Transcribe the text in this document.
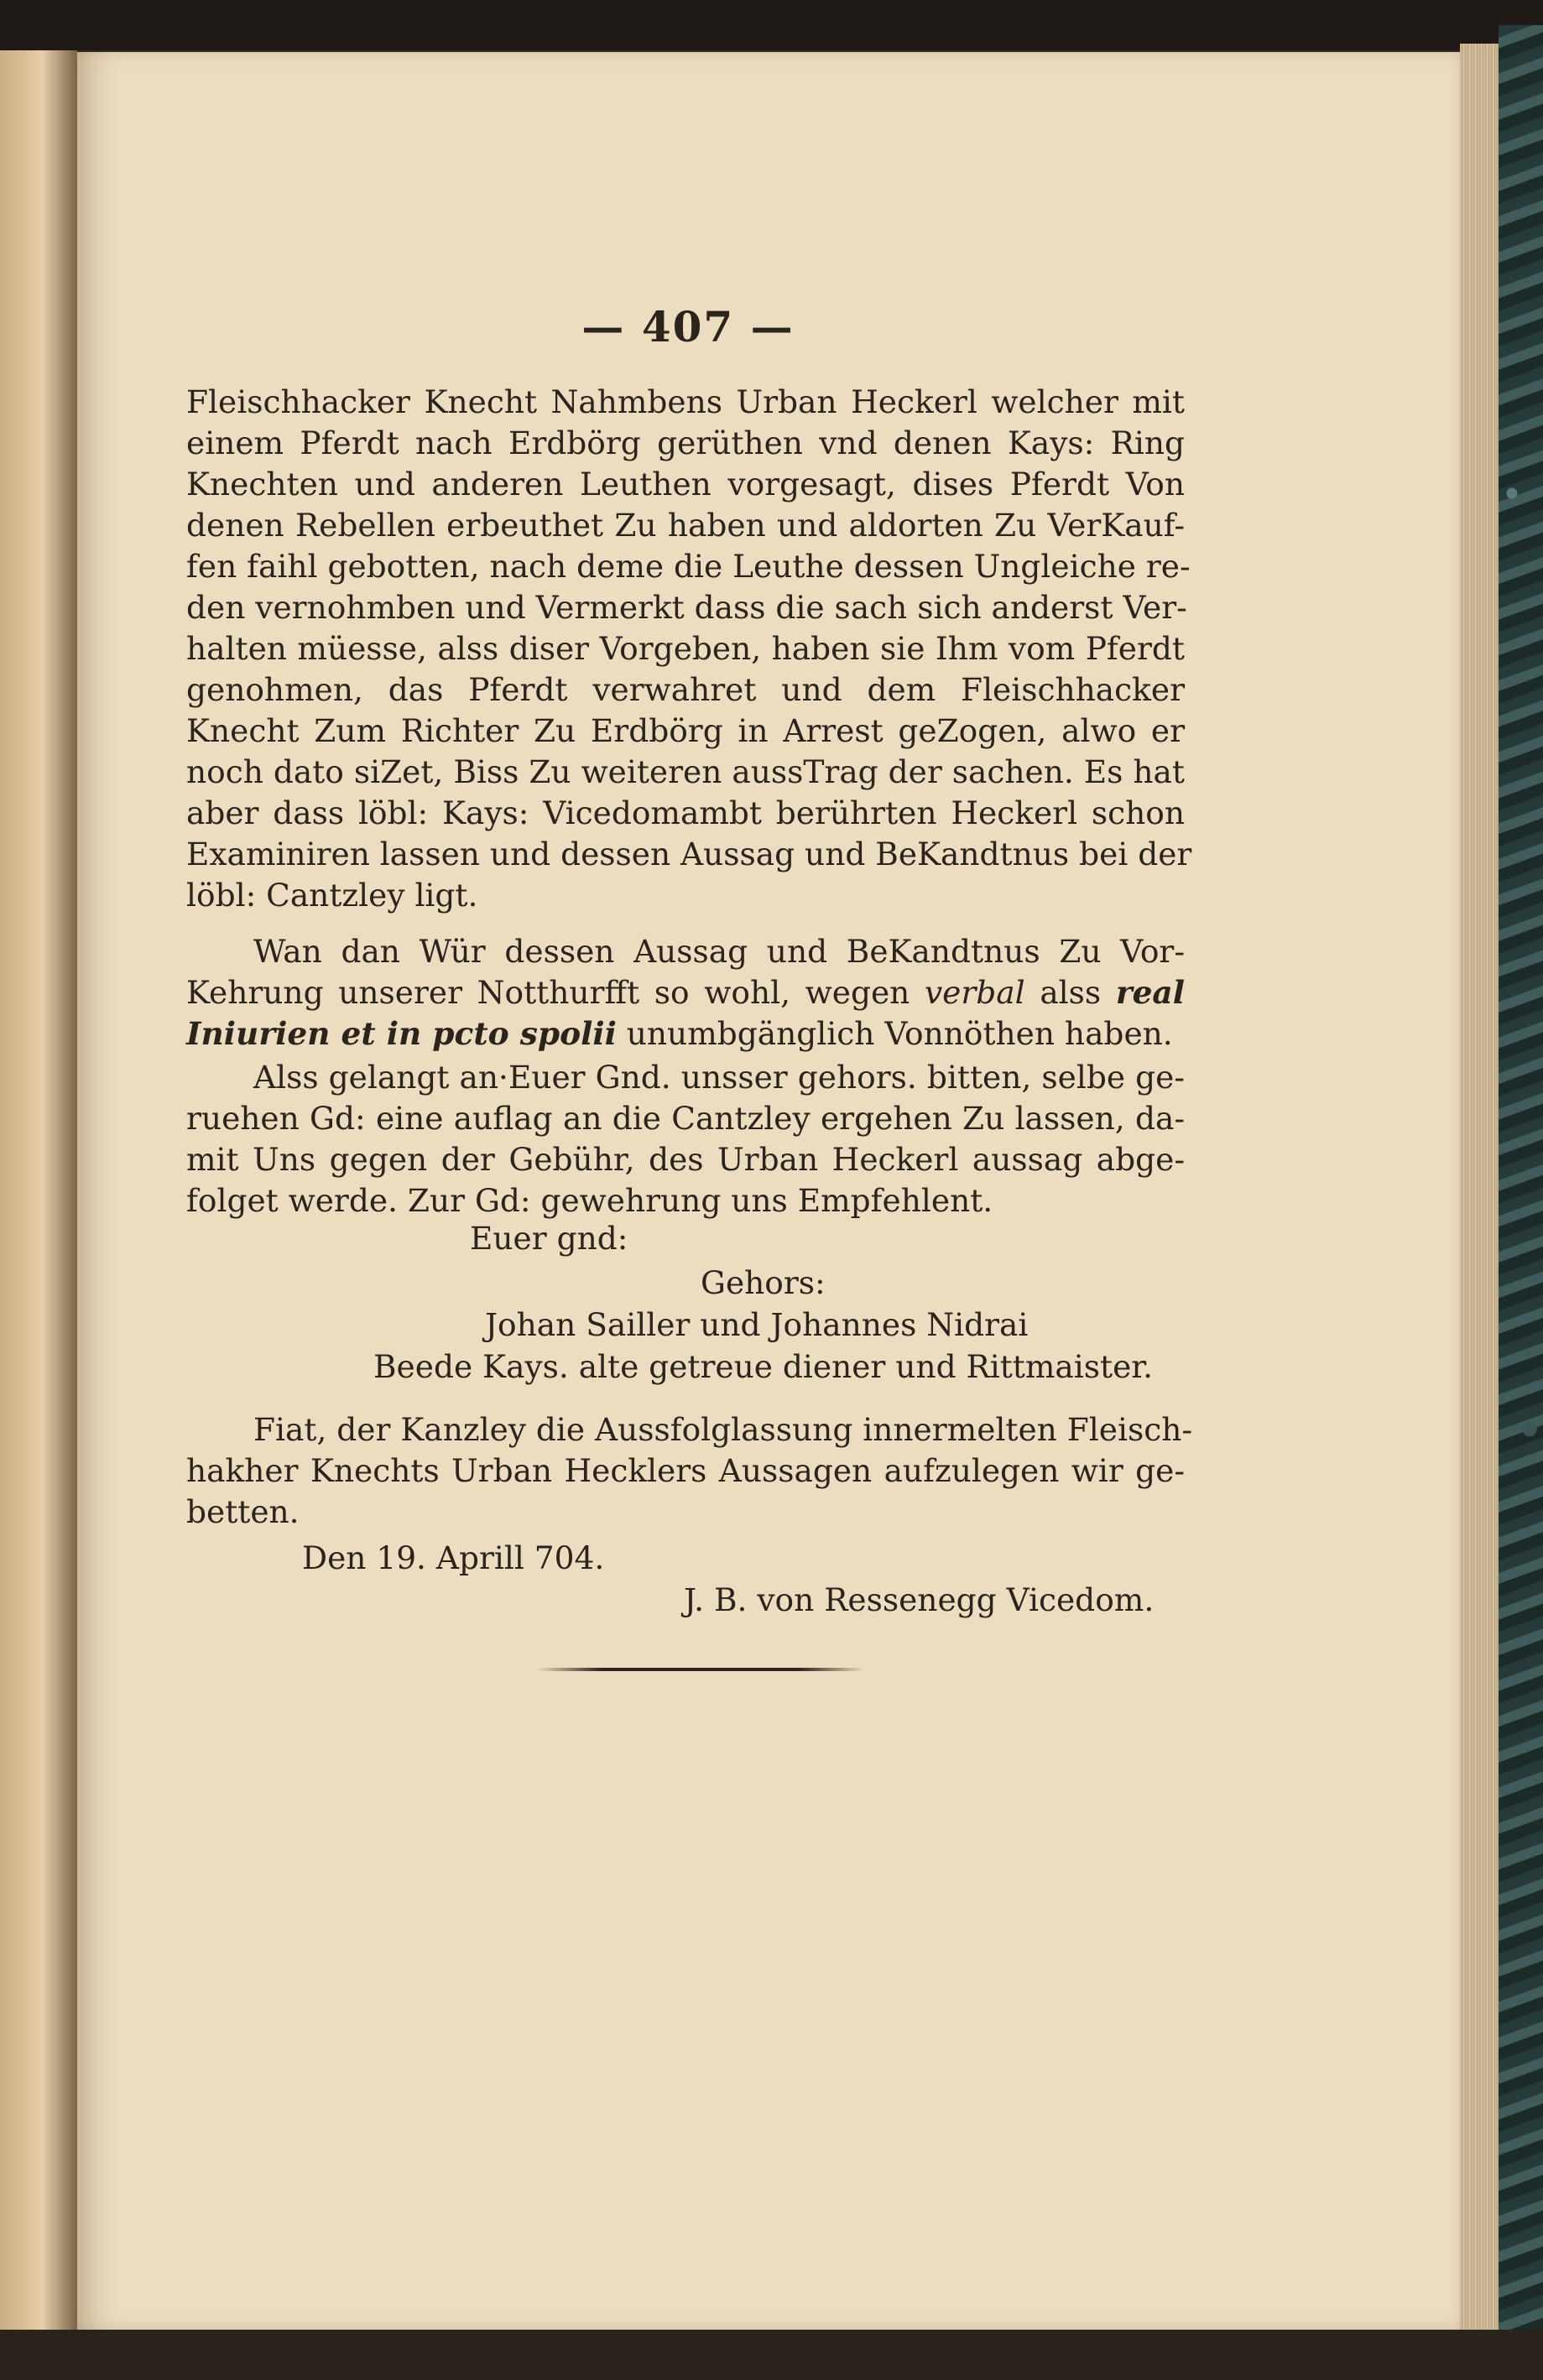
— 407 —
Fleischhacker Knecht Nahmbens Urban Heckerl welcher mit
einem Pferdt nach Erdbörg gerüthen vnd denen Kays: Ring
Knechten und anderen Leuthen vorgesagt, dises Pferdt Von
denen Rebellen erbeuthet Zu haben und aldorten Zu VerKauf-
fen faihl gebotten, nach deme die Leuthe dessen Ungleiche re-
den vernohmben und Vermerkt dass die sach sich anderst Ver-
halten müesse, alss diser Vorgeben, haben sie Ihm vom Pferdt
genohmen, das Pferdt verwahret und dem Fleischhacker
Knecht Zum Richter Zu Erdbörg in Arrest geZogen, alwo er
noch dato siZet, Biss Zu weiteren aussTrag der sachen. Es hat
aber dass löbl: Kays: Vicedomambt berührten Heckerl schon
Examiniren lassen und dessen Aussag und BeKandtnus bei der
löbl: Cantzley ligt.
Wan dan Wür dessen Aussag und BeKandtnus Zu Vor-
Kehrung unserer Notthurfft so wohl, wegen verbal alss real
Iniurien et in pcto spolii unumbgänglich Vonnöthen haben.
Alss gelangt an·Euer Gnd. unsser gehors. bitten, selbe ge-
ruehen Gd: eine auflag an die Cantzley ergehen Zu lassen, da-
mit Uns gegen der Gebühr, des Urban Heckerl aussag abge-
folget werde. Zur Gd: gewehrung uns Empfehlent.
Euer gnd:
Gehors:
Johan Sailler und Johannes Nidrai
Beede Kays. alte getreue diener und Rittmaister.
Fiat, der Kanzley die Aussfolglassung innermelten Fleisch-
hakher Knechts Urban Hecklers Aussagen aufzulegen wir ge-
betten.
Den 19. Aprill 704.
J. B. von Ressenegg Vicedom.
